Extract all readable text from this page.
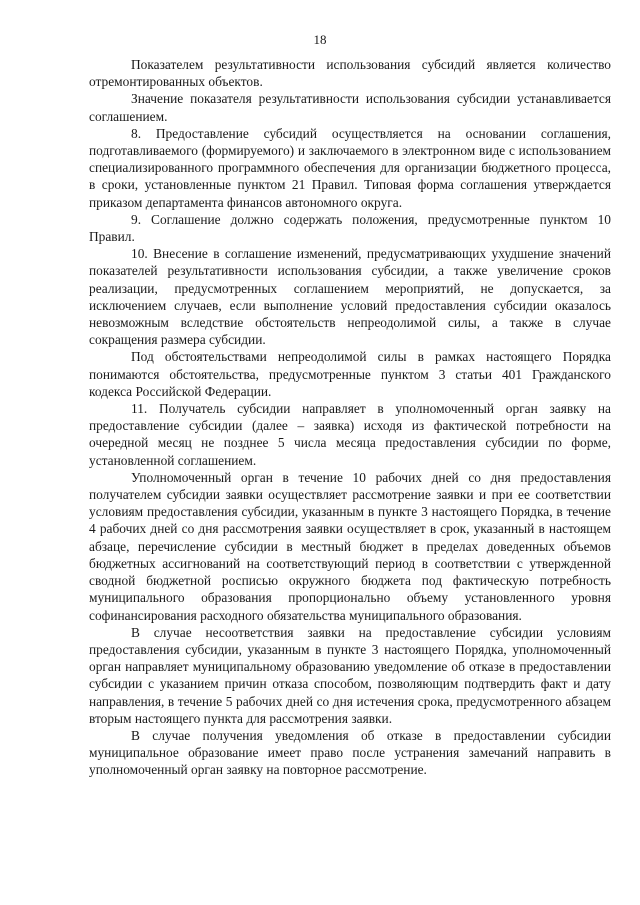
18

Показателем результативности использования субсидий является количество отремонтированных объектов.

Значение показателя результативности использования субсидии устанавливается соглашением.

8. Предоставление субсидий осуществляется на основании соглашения, подготавливаемого (формируемого) и заключаемого в электронном виде с использованием специализированного программного обеспечения для организации бюджетного процесса, в сроки, установленные пунктом 21 Правил. Типовая форма соглашения утверждается приказом департамента финансов автономного округа.

9. Соглашение должно содержать положения, предусмотренные пунктом 10 Правил.

10. Внесение в соглашение изменений, предусматривающих ухудшение значений показателей результативности использования субсидии, а также увеличение сроков реализации, предусмотренных соглашением мероприятий, не допускается, за исключением случаев, если выполнение условий предоставления субсидии оказалось невозможным вследствие обстоятельств непреодолимой силы, а также в случае сокращения размера субсидии.

Под обстоятельствами непреодолимой силы в рамках настоящего Порядка понимаются обстоятельства, предусмотренные пунктом 3 статьи 401 Гражданского кодекса Российской Федерации.

11. Получатель субсидии направляет в уполномоченный орган заявку на предоставление субсидии (далее – заявка) исходя из фактической потребности на очередной месяц не позднее 5 числа месяца предоставления субсидии по форме, установленной соглашением.

Уполномоченный орган в течение 10 рабочих дней со дня предоставления получателем субсидии заявки осуществляет рассмотрение заявки и при ее соответствии условиям предоставления субсидии, указанным в пункте 3 настоящего Порядка, в течение 4 рабочих дней со дня рассмотрения заявки осуществляет в срок, указанный в настоящем абзаце, перечисление субсидии в местный бюджет в пределах доведенных объемов бюджетных ассигнований на соответствующий период в соответствии с утвержденной сводной бюджетной росписью окружного бюджета под фактическую потребность муниципального образования пропорционально объему установленного уровня софинансирования расходного обязательства муниципального образования.

В случае несоответствия заявки на предоставление субсидии условиям предоставления субсидии, указанным в пункте 3 настоящего Порядка, уполномоченный орган направляет муниципальному образованию уведомление об отказе в предоставлении субсидии с указанием причин отказа способом, позволяющим подтвердить факт и дату направления, в течение 5 рабочих дней со дня истечения срока, предусмотренного абзацем вторым настоящего пункта для рассмотрения заявки.

В случае получения уведомления об отказе в предоставлении субсидии муниципальное образование имеет право после устранения замечаний направить в уполномоченный орган заявку на повторное рассмотрение.
